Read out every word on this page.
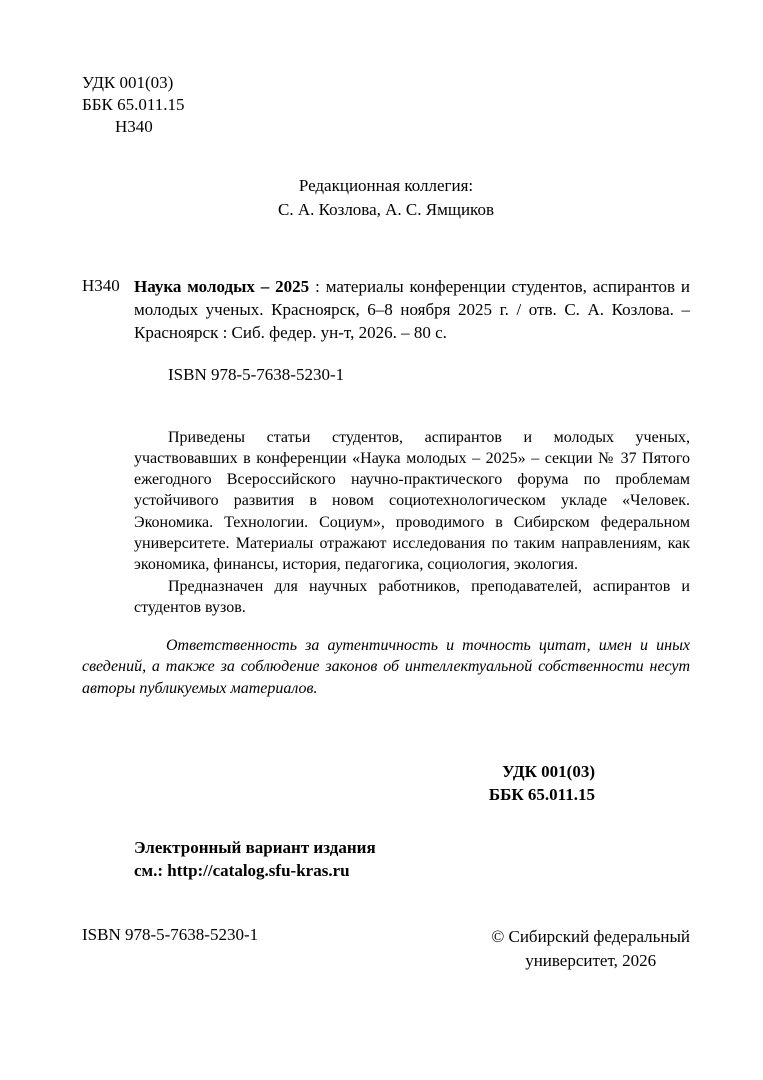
УДК 001(03)
ББК 65.011.15
Н340
Редакционная коллегия:
С. А. Козлова, А. С. Ямщиков
Н340 Наука молодых – 2025 : материалы конференции студентов, аспирантов и молодых ученых. Красноярск, 6–8 ноября 2025 г. / отв. С. А. Козлова. – Красноярск : Сиб. федер. ун-т, 2026. – 80 с.

ISBN 978-5-7638-5230-1

Приведены статьи студентов, аспирантов и молодых ученых, участвовавших в конференции «Наука молодых – 2025» – секции № 37 Пятого ежегодного Всероссийского научно-практического форума по проблемам устойчивого развития в новом социотехнологическом укладе «Человек. Экономика. Технологии. Социум», проводимого в Сибирском федеральном университете. Материалы отражают исследования по таким направлениям, как экономика, финансы, история, педагогика, социология, экология.

Предназначен для научных работников, преподавателей, аспирантов и студентов вузов.

Ответственность за аутентичность и точность цитат, имен и иных сведений, а также за соблюдение законов об интеллектуальной собственности несут авторы публикуемых материалов.

УДК 001(03)
ББК 65.011.15
Электронный вариант издания
см.: http://catalog.sfu-kras.ru
ISBN 978-5-7638-5230-1	© Сибирский федеральный
университет, 2026
